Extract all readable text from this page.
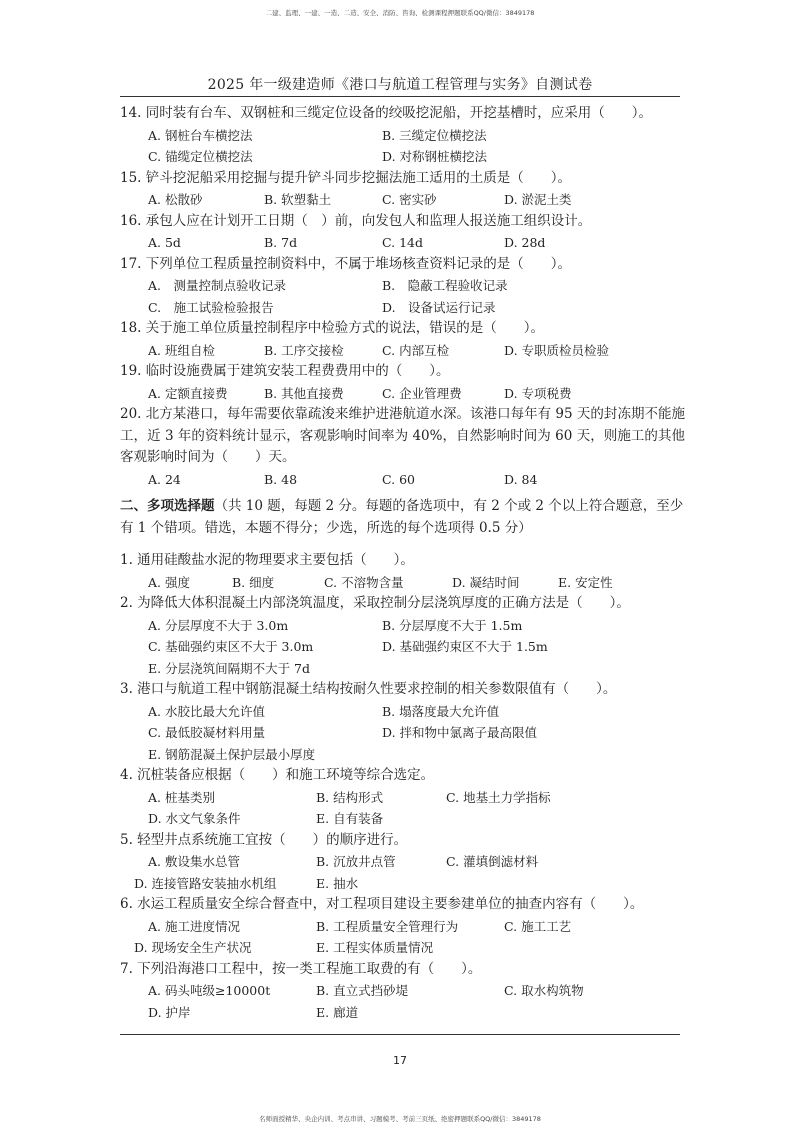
二建、监理、一建、一造、二造、安全、消防、咨询、检测课程押题联系QQ/微信：3849178
2025 年一级建造师《港口与航道工程管理与实务》自测试卷
14. 同时装有台车、双钢桩和三缆定位设备的绞吸挖泥船，开挖基槽时，应采用（　　）。
A. 钢桩台车横挖法	B. 三缆定位横挖法
C. 锚缆定位横挖法	D. 对称钢桩横挖法
15. 铲斗挖泥船采用挖掘与提升铲斗同步挖掘法施工适用的土质是（　　）。
A. 松散砂	B. 软塑黏土	C. 密实砂	D. 淤泥土类
16. 承包人应在计划开工日期（　）前，向发包人和监理人报送施工组织设计。
A. 5d	B. 7d	C. 14d	D. 28d
17. 下列单位工程质量控制资料中，不属于堆场核查资料记录的是（　　）。
A.　测量控制点验收记录	B.　隐蔽工程验收记录
C.　施工试验检验报告	D.　设备试运行记录
18. 关于施工单位质量控制程序中检验方式的说法，错误的是（　　）。
A. 班组自检	B. 工序交接检	C. 内部互检	D. 专职质检员检验
19. 临时设施费属于建筑安装工程费费用中的（　　）。
A. 定额直接费	B. 其他直接费	C. 企业管理费	D. 专项税费
20. 北方某港口，每年需要依靠疏浚来维护进港航道水深。该港口每年有 95 天的封冻期不能施工，近 3 年的资料统计显示，客观影响时间率为 40%，自然影响时间为 60 天，则施工的其他客观影响时间为（　　）天。
A. 24	B. 48	C. 60	D. 84
二、多项选择题（共 10 题，每题 2 分。每题的备选项中，有 2 个或 2 个以上符合题意，至少有 1 个错项。错选，本题不得分；少选，所选的每个选项得 0.5 分）
1. 通用硅酸盐水泥的物理要求主要包括（　　）。
A. 强度	B. 细度	C. 不溶物含量	D. 凝结时间	E. 安定性
2. 为降低大体积混凝土内部浇筑温度，采取控制分层浇筑厚度的正确方法是（　　）。
A. 分层厚度不大于 3.0m	B. 分层厚度不大于 1.5m
C. 基础强约束区不大于 3.0m	D. 基础强约束区不大于 1.5m
E. 分层浇筑间隔期不大于 7d
3. 港口与航道工程中钢筋混凝土结构按耐久性要求控制的相关参数限值有（　　）。
A. 水胶比最大允许值	B. 塌落度最大允许值
C. 最低胶凝材料用量	D. 拌和物中氯离子最高限值
E. 钢筋混凝土保护层最小厚度
4. 沉桩装备应根据（　　）和施工环境等综合选定。
A. 桩基类别	B. 结构形式	C. 地基土力学指标
D. 水文气象条件	E. 自有装备
5. 轻型井点系统施工宜按（　　）的顺序进行。
A. 敷设集水总管	B. 沉放井点管	C. 灌填倒滤材料
D. 连接管路安装抽水机组	E. 抽水
6. 水运工程质量安全综合督查中，对工程项目建设主要参建单位的抽查内容有（　　）。
A. 施工进度情况	B. 工程质量安全管理行为	C. 施工工艺
D. 现场安全生产状况	E. 工程实体质量情况
7. 下列沿海港口工程中，按一类工程施工取费的有（　　）。
A. 码头吨级≥10000t	B. 直立式挡砂堤	C. 取水构筑物
D. 护岸	E. 廊道
17
名师面授精华、央企内训、考点串讲、习题模考、考前三页纸、绝密押题联系QQ/微信：3849178
